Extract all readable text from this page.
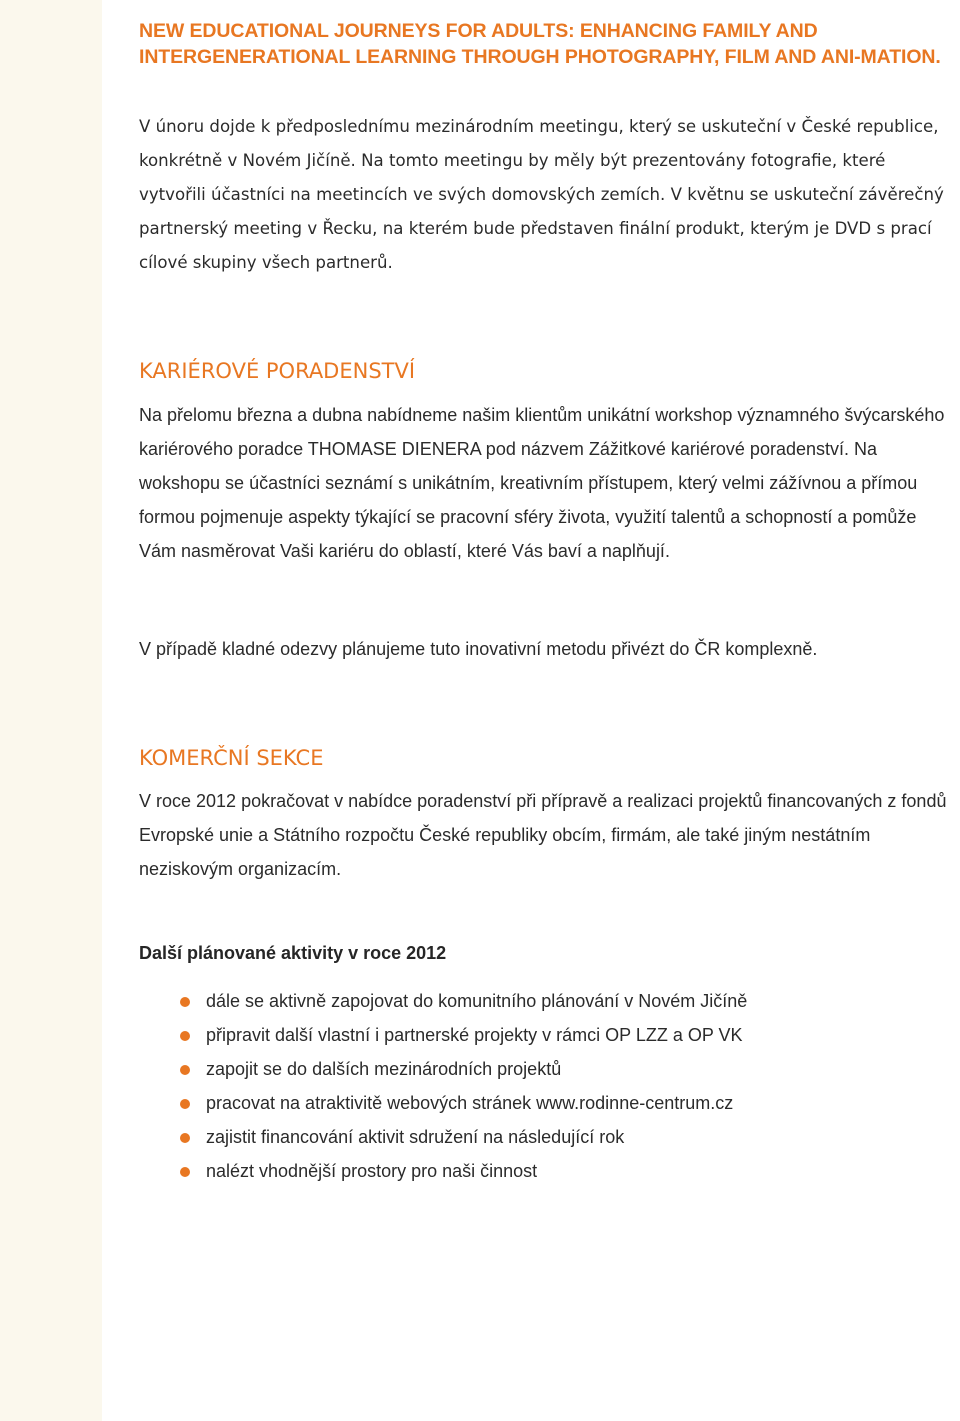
NEW EDUCATIONAL JOURNEYS FOR ADULTS: ENHANCING FAMILY AND INTERGENERATIONAL LEARNING THROUGH PHOTOGRAPHY, FILM AND ANI-MATION.

V únoru dojde k předposlednímu mezinárodním meetingu, který se uskuteční v České republice, konkrétně v Novém Jičíně. Na tomto meetingu by měly být prezentovány fotografie, které vytvořili účastníci na meetincích ve svých domovských zemích. V květnu se uskuteční závěrečný partnerský meeting v Řecku, na kterém bude představen finální produkt, kterým je DVD s prací cílové skupiny všech partnerů.

KARIÉROVÉ PORADENSTVÍ

Na přelomu března a dubna nabídneme našim klientům unikátní workshop významného švýcarského kariérového poradce THOMASE DIENERA pod názvem Zážitkové kariérové poradenství. Na wokshopu se účastníci seznámí s unikátním, kreativním přístupem, který velmi zážívnou a přímou formou pojmenuje aspekty týkající se pracovní sféry života, využití talentů a schopností a pomůže Vám nasměrovat Vaši kariéru do oblastí, které Vás baví a naplňují.

V případě kladné odezvy plánujeme tuto inovativní metodu přivézt do ČR komplexně.

KOMERČNÍ SEKCE

V roce 2012 pokračovat v nabídce poradenství při přípravě a realizaci projektů financovaných z fondů Evropské unie a Státního rozpočtu České republiky obcím, firmám, ale také jiným nestátním neziskovým organizacím.

Další plánované aktivity v roce 2012
dále se aktivně zapojovat do komunitního plánování v Novém Jičíně
připravit další vlastní i partnerské projekty v rámci OP LZZ a OP VK
zapojit se do dalších mezinárodních projektů
pracovat na atraktivitě webových stránek www.rodinne-centrum.cz
zajistit financování aktivit sdružení na následující rok
nalézt vhodnější prostory pro naši činnost
